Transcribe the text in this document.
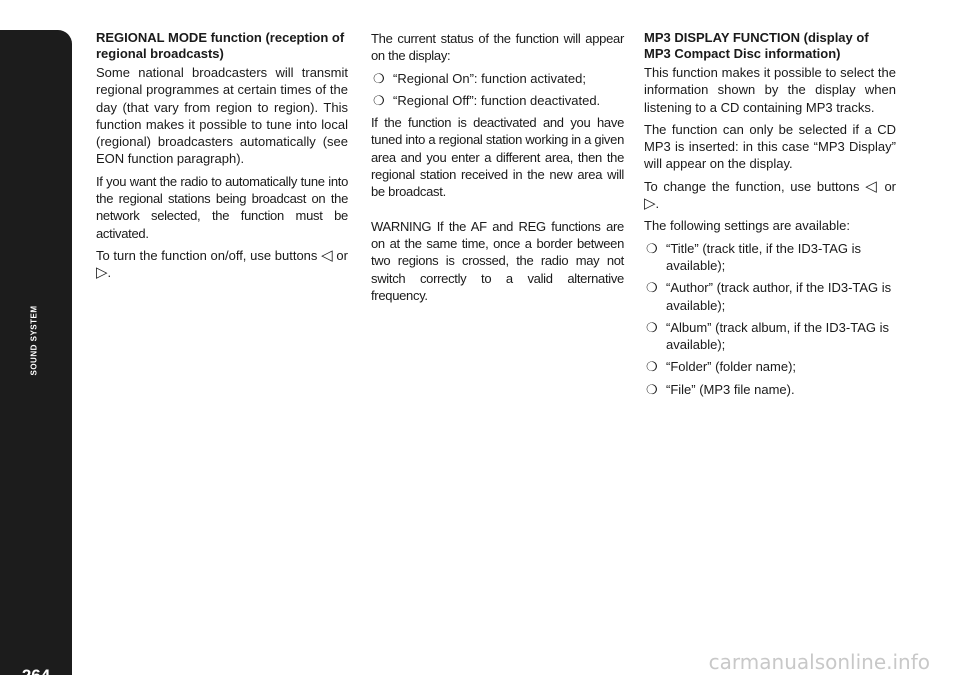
SOUND SYSTEM
264
REGIONAL MODE function (reception of regional broadcasts)

Some national broadcasters will transmit regional programmes at certain times of the day (that vary from region to region). This function makes it possible to tune into local (regional) broadcasters automatically (see EON function paragraph).

If you want the radio to automatically tune into the regional stations being broadcast on the network selected, the function must be activated.

To turn the function on/off, use buttons ◁ or ▷.

The current status of the function will appear on the display:

❍ “Regional On”: function activated;
❍ “Regional Off”: function deactivated.

If the function is deactivated and you have tuned into a regional station working in a given area and you enter a different area, then the regional station received in the new area will be broadcast.

WARNING If the AF and REG functions are on at the same time, once a border between two regions is crossed, the radio may not switch correctly to a valid alternative frequency.

MP3 DISPLAY FUNCTION (display of MP3 Compact Disc information)

This function makes it possible to select the information shown by the display when listening to a CD containing MP3 tracks.

The function can only be selected if a CD MP3 is inserted: in this case “MP3 Display” will appear on the display.

To change the function, use buttons ◁ or ▷.

The following settings are available:

❍ “Title” (track title, if the ID3-TAG is available);
❍ “Author” (track author, if the ID3-TAG is available);
❍ “Album” (track album, if the ID3-TAG is available);
❍ “Folder” (folder name);
❍ “File” (MP3 file name).
carmanualsonline.info
